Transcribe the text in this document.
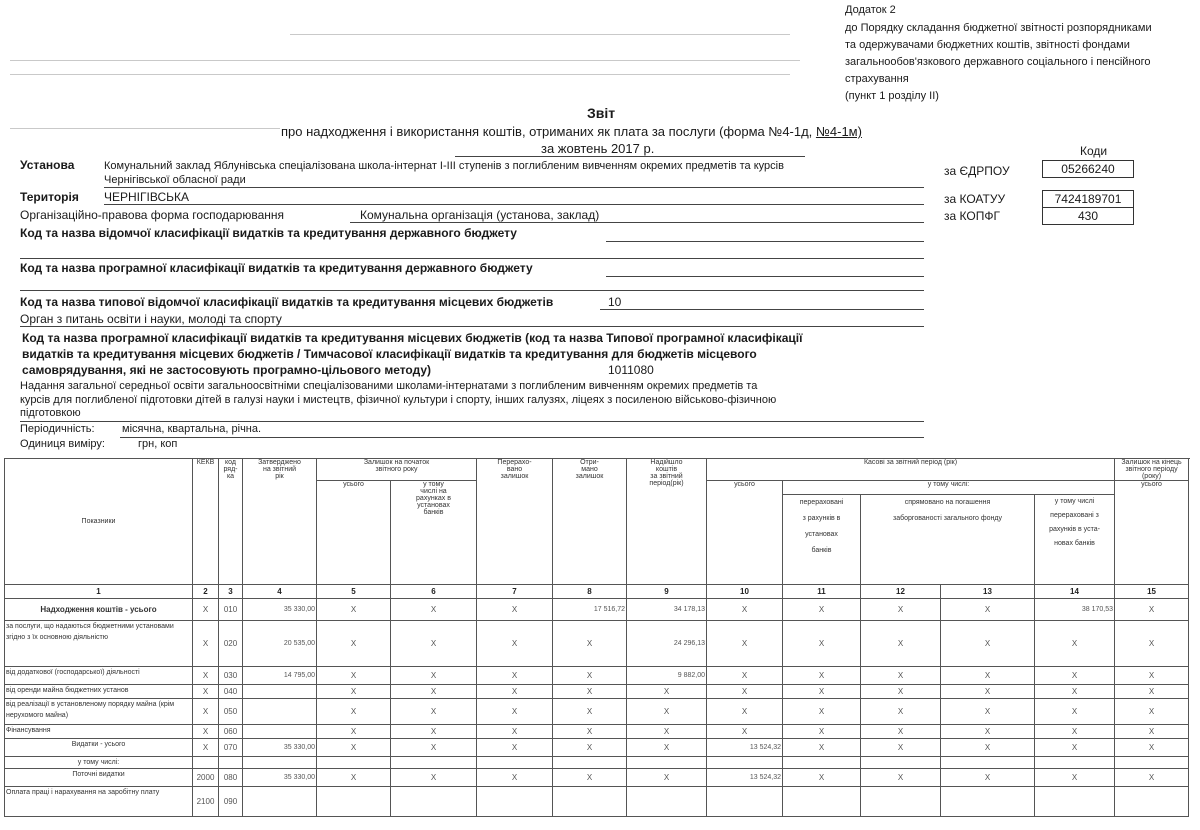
Додаток 2
до Порядку складання бюджетної звітності розпорядниками
та одержувачами бюджетних коштів, звітності фондами
загальнообов'язкового державного соціального і пенсійного
страхування
(пункт 1 розділу ІІ)
Звіт
про надходження і використання коштів, отриманих як плата за послуги (форма №4-1д, №4-1м)
за жовтень 2017 р.	Коди
за ЄДРПОУ	05266240
за КОАТУУ	7424189701
за КОПФГ	430
Установа	Комунальний заклад Яблунівська спеціалізована школа-інтернат І-ІІІ ступенів з поглибленим вивченням окремих предметів та курсів
Чернігівської обласної ради
Територія ЧЕРНІГІВСЬКА
Організаційно-правова форма господарювання	Комунальна організація (установа, заклад)
Код та назва відомчої класифікації видатків та кредитування державного бюджету
Код та назва програмної класифікації видатків та кредитування державного бюджету
Код та назва типової відомчої класифікації видатків та кредитування місцевих бюджетів	10
Орган з питань освіти і науки, молоді та спорту
Код та назва програмної класифікації видатків та кредитування місцевих бюджетів (код та назва Типової програмної класифікації
видатків та кредитування місцевих бюджетів / Тимчасової класифікації видатків та кредитування для бюджетів місцевого
самоврядування, які не застосовують програмно-цільового методу)	1011080
Надання загальної середньої освіти загальноосвітніми спеціалізованими школами-інтернатами з поглибленим вивченням окремих предметів та
курсів для поглибленої підготовки дітей в галузі науки і мистецтв, фізичної культури і спорту, інших галузях, ліцеях з посиленою військово-фізичною
підготовкою
Періодичність: місячна, квартальна, річна.
Одиниця виміру:	грн, коп
Показники	КЕКВ	код
ряд-
ка	Затверджено
на звітний
рік	Залишок на початок
звітного року		Перерахо-
вано
залишок	Отри-
мано
залишок	Надійшло
коштів
за звітний
період(рік)	Касові за звітний період (рік)					Залишок на кінець
звітного періоду (року)	
				усього	у тому
числі на
рахунках в
установах
банків				усього	у тому числі:				усього	

										перераховані
з рахунків в
установах
банків	спрямовано на погашення
заборгованості загального фонду		у тому числі
перераховані з
рахунків в уста-
новах банків		
1	2	3	4	5	6	7	8	9	10	11	12	13	14	15	
Надходження коштів - усього	X	010	35 330,00	X	X	X	17 516,72	34 178,13	X	X	X	X	38 170,53	X	
за послуги, що надаються бюджетними установами згідно з їх основною діяльністю	X	020	20 535,00	X	X	X	X	24 296,13	X	X	X	X	X	X	
від додаткової (господарської) діяльності	X	030	14 795,00	X	X	X	X	9 882,00	X	X	X	X	X	X	
від оренди майна бюджетних установ	X	040		X	X	X	X	X	X	X	X	X	X	X	
від реалізації в установленому порядку майна (крім нерухомого майна)	X	050		X	X	X	X	X	X	X	X	X	X	X	
Фінансування	X	060		X	X	X	X	X	X	X	X	X	X	X	
Видатки - усього	X	070	35 330,00	X	X	X	X	X	13 524,32	X	X	X	X	X	
у тому числі:															
Поточні видатки	2000	080	35 330,00	X	X	X	X	X	13 524,32	X	X	X	X	X	
Оплата праці і нарахування на заробітну плату	2100	090													
